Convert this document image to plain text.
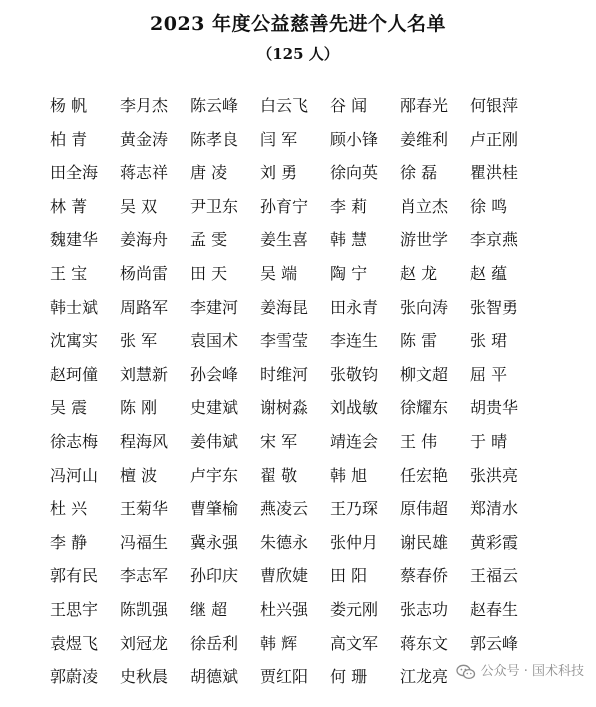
2023 年度公益慈善先进个人名单
（125 人）
杨 帆	李月杰	陈云峰	白云飞	谷 闻	邴春光	何银萍
柏 青	黄金涛	陈孝良	闫 军	顾小锋	姜维利	卢正刚
田全海	蒋志祥	唐 凌	刘 勇	徐向英	徐 磊	瞿洪桂
林 菁	吴 双	尹卫东	孙育宁	李 莉	肖立杰	徐 鸣
魏建华	姜海舟	孟 雯	姜生喜	韩 慧	游世学	李京燕
王 宝	杨尚雷	田 天	吴 端	陶 宁	赵 龙	赵 蕴
韩士斌	周路军	李建河	姜海昆	田永青	张向涛	张智勇
沈寓实	张 军	袁国术	李雪莹	李连生	陈 雷	张 珺
赵珂僮	刘慧新	孙会峰	时维河	张敬钧	柳文超	屈 平
吴 震	陈 刚	史建斌	谢树淼	刘战敏	徐耀东	胡贵华
徐志梅	程海风	姜伟斌	宋 军	靖连会	王 伟	于 晴
冯河山	檀 波	卢宇东	翟 敬	韩 旭	任宏艳	张洪亮
杜 兴	王菊华	曹肇榆	燕凌云	王乃琛	原伟超	郑清水
李 静	冯福生	冀永强	朱德永	张仲月	谢民雄	黄彩霞
郭有民	李志军	孙印庆	曹欣婕	田 阳	蔡春侨	王福云
王思宇	陈凯强	继 超	杜兴强	娄元刚	张志功	赵春生
袁煜飞	刘冠龙	徐岳利	韩 辉	高文军	蒋东文	郭云峰
郭蔚凌	史秋晨	胡德斌	贾红阳	何 珊	江龙亮	公众号 · 国术科技
